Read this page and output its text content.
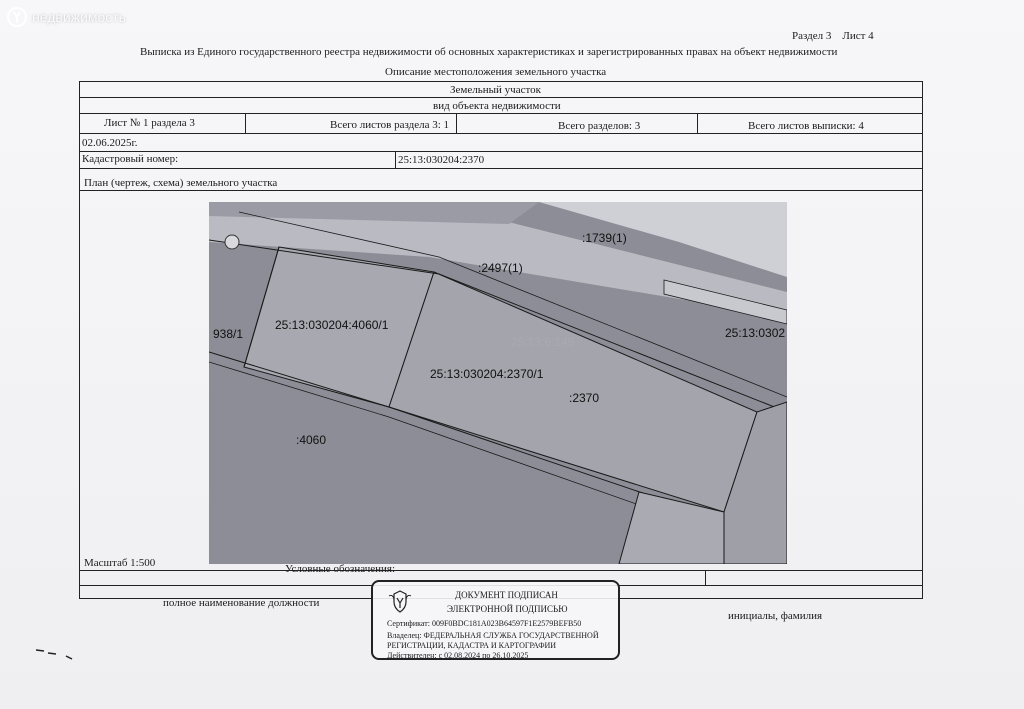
недвижимость
Раздел 3    Лист 4
Выписка из Единого государственного реестра недвижимости об основных характеристиках и зарегистрированных правах на объект недвижимости
Описание местоположения земельного участка
Земельный участок
вид объекта недвижимости
Лист № 1 раздела 3	Всего листов раздела 3: 1	Всего разделов: 3	Всего листов выписки: 4
02.06.2025г.
Кадастровый номер:	25:13:030204:2370
План (чертеж, схема) земельного участка
:1739(1)
:2497(1)
938/1
25:13:030204:4060/1
25:13:6:149
25:13:0302
25:13:030204:2370/1
:2370
:4060
Масштаб 1:500	Условные обозначения:
полное наименование должности
инициалы, фамилия
ДОКУМЕНТ ПОДПИСАН
ЭЛЕКТРОННОЙ ПОДПИСЬЮ
Сертификат: 009F0BDC181A023B64597F1E2579BEFB50
Владелец: ФЕДЕРАЛЬНАЯ СЛУЖБА ГОСУДАРСТВЕННОЙ
РЕГИСТРАЦИИ, КАДАСТРА И КАРТОГРАФИИ
Действителен: с 02.08.2024 по 26.10.2025
